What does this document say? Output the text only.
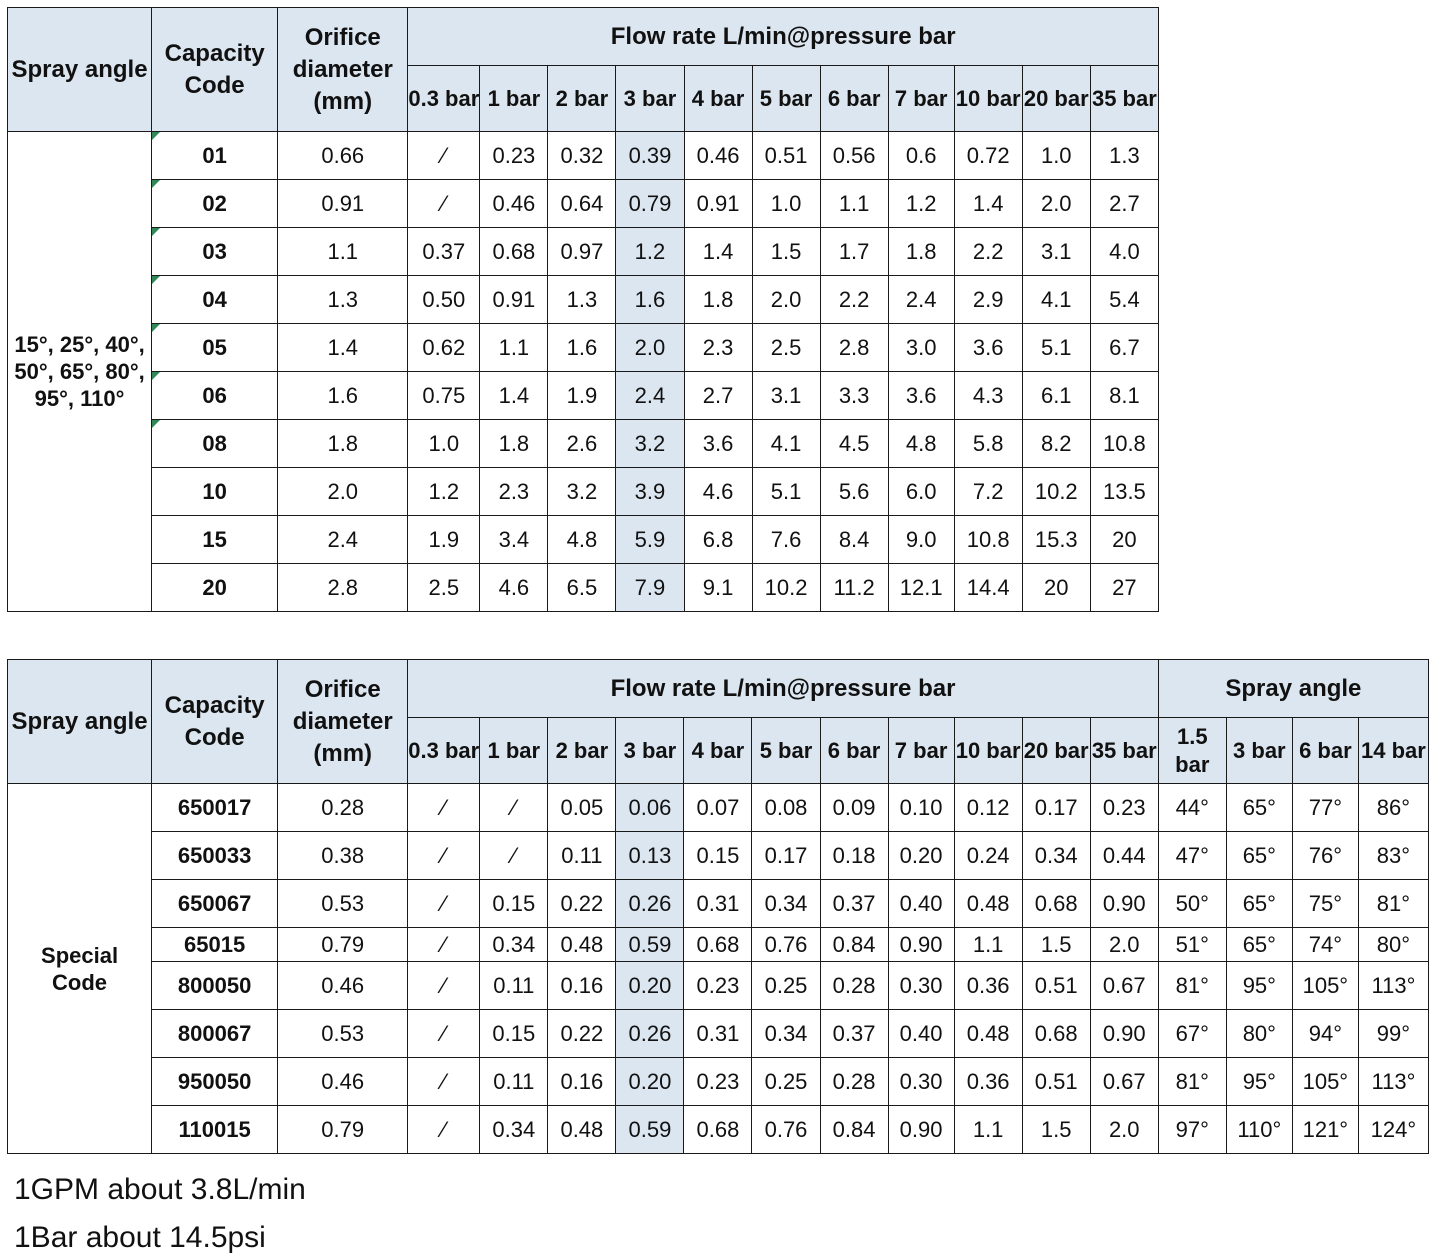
Spray angle	Capacity Code	Orifice diameter (mm)	Flow rate L/min@pressure bar										
			0.3 bar	1 bar	2 bar	3 bar	4 bar	5 bar	6 bar	7 bar	10 bar	20 bar	35 bar
15°, 25°, 40°, 50°, 65°, 80°, 95°, 110°	01	0.66	⁄	0.23	0.32	0.39	0.46	0.51	0.56	0.6	0.72	1.0	1.3
	02	0.91	⁄	0.46	0.64	0.79	0.91	1.0	1.1	1.2	1.4	2.0	2.7
	03	1.1	0.37	0.68	0.97	1.2	1.4	1.5	1.7	1.8	2.2	3.1	4.0
	04	1.3	0.50	0.91	1.3	1.6	1.8	2.0	2.2	2.4	2.9	4.1	5.4
	05	1.4	0.62	1.1	1.6	2.0	2.3	2.5	2.8	3.0	3.6	5.1	6.7
	06	1.6	0.75	1.4	1.9	2.4	2.7	3.1	3.3	3.6	4.3	6.1	8.1
	08	1.8	1.0	1.8	2.6	3.2	3.6	4.1	4.5	4.8	5.8	8.2	10.8
	10	2.0	1.2	2.3	3.2	3.9	4.6	5.1	5.6	6.0	7.2	10.2	13.5
	15	2.4	1.9	3.4	4.8	5.9	6.8	7.6	8.4	9.0	10.8	15.3	20
	20	2.8	2.5	4.6	6.5	7.9	9.1	10.2	11.2	12.1	14.4	20	27
Spray angle	Capacity Code	Orifice diameter (mm)	Flow rate L/min@pressure bar											Spray angle			
			0.3 bar	1 bar	2 bar	3 bar	4 bar	5 bar	6 bar	7 bar	10 bar	20 bar	35 bar	1.5 bar	3 bar	6 bar	14 bar
Special Code	650017	0.28	⁄	⁄	0.05	0.06	0.07	0.08	0.09	0.10	0.12	0.17	0.23	44°	65°	77°	86°
	650033	0.38	⁄	⁄	0.11	0.13	0.15	0.17	0.18	0.20	0.24	0.34	0.44	47°	65°	76°	83°
	650067	0.53	⁄	0.15	0.22	0.26	0.31	0.34	0.37	0.40	0.48	0.68	0.90	50°	65°	75°	81°
	65015	0.79	⁄	0.34	0.48	0.59	0.68	0.76	0.84	0.90	1.1	1.5	2.0	51°	65°	74°	80°
	800050	0.46	⁄	0.11	0.16	0.20	0.23	0.25	0.28	0.30	0.36	0.51	0.67	81°	95°	105°	113°
	800067	0.53	⁄	0.15	0.22	0.26	0.31	0.34	0.37	0.40	0.48	0.68	0.90	67°	80°	94°	99°
	950050	0.46	⁄	0.11	0.16	0.20	0.23	0.25	0.28	0.30	0.36	0.51	0.67	81°	95°	105°	113°
	110015	0.79	⁄	0.34	0.48	0.59	0.68	0.76	0.84	0.90	1.1	1.5	2.0	97°	110°	121°	124°
1GPM about 3.8L/min
1Bar about 14.5psi
